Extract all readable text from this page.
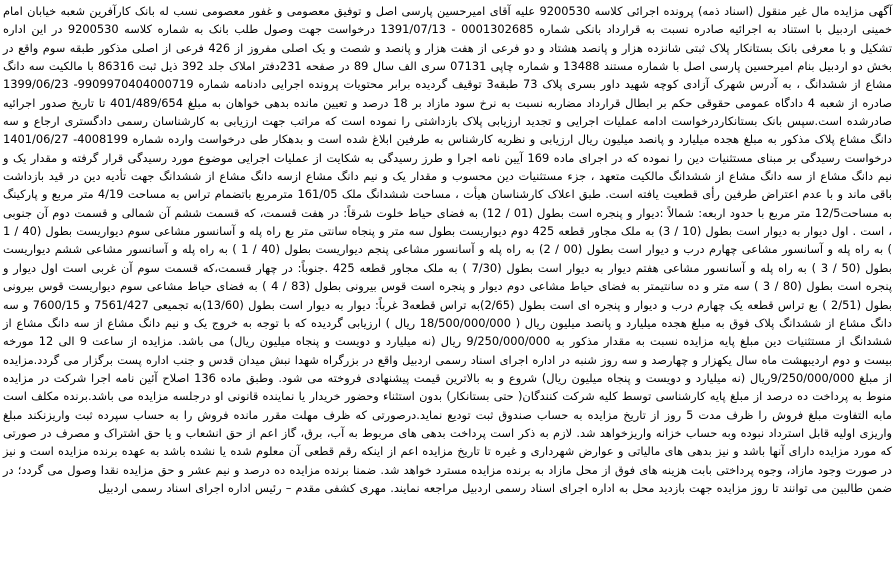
آگهی مزایده مال غیر منقول (اسناد ذمه) پرونده اجرائی کلاسه 9200530 علیه آقای امیرحسین پارسی اصل و توفیق معصومی و غفور معصومی نسب له بانک کارآفرین شعبه خیابان امام خمینی اردبیل با استناد به اجرائیه صادره نسبت به قرارداد بانکی شماره 0001302685 - 1391/07/13 درخواست جهت وصول طلب بانک به شماره کلاسه 9200530 در این اداره تشکیل و با معرفی بانک بستانکار پلاک ثبتی شانزده هزار و پانصد هشتاد و دو فرعی از هفت هزار و پانصد و شصت و یک اصلی مفروز از 426 فرعی از اصلی مذکور طبقه سوم واقع در بخش دو اردبیل بنام امیرحسین پارسی اصل با شماره مستند 13488 و شماره چاپی 07131 سری الف سال 89 در صفحه 231دفتر املاک جلد 392 ذیل ثبت 86316 با مالکیت سه دانگ مشاع از ششدانگ ، به آدرس شهرک آزادی کوچه شهید داور بسری پلاک 73 طبقه3 توقیف گردیده برابر محتویات پرونده اجرایی دادنامه شماره 9909970404000719- 1399/06/23 صادره از شعبه 4 دادگاه عمومی حقوقی حکم بر ابطال قرارداد مضاربه نسبت به نرخ سود مازاد بر 18 درصد و تعیین مانده بدهی خواهان به مبلغ 401/489/654 تا تاریخ صدور اجرائیه صادرشده است.سپس بانک بستانکاردرخواست ادامه عملیات اجرایی و تجدید ارزیابی پلاک بازداشتی را نموده است که مراتب جهت ارزیابی به کارشناسان رسمی دادگستری ارجاع و سه دانگ مشاع پلاک مذکور به مبلغ هجده میلیارد و پانصد میلیون ریال ارزیابی و نظریه کارشناس به طرفین ابلاغ شده است و بدهکار طی درخواست وارده شماره 4008199- 1401/06/27 درخواست رسیدگی بر مبنای مستثنیات دین را نموده که در اجرای ماده 169 آیین نامه اجرا و طرز رسیدگی به شکایت از عملیات اجرایی موضوع مورد رسیدگی قرار گرفته و مقدار یک و نیم دانگ مشاع از سه دانگ مشاع از ششدانگ مالکیت متعهد ، جزء مستثنیات دین محسوب و مقدار یک و نیم دانگ مشاع ازسه دانگ مشاع از ششدانگ جهت تأدیه دین در قید بازداشت باقی ماند و با عدم اعتراض طرفین رأی قطعیت یافته است. طبق اعلاک کارشناسان هیأت ، مساحت ششدانگ ملک 161/05 مترمربع باتضمام تراس به مساحت 4/19 متر مربع و پارکینگ به مساحت12/5 متر مربع با حدود اربعه: شمالاً :دیوار و پنجره است بطول (01 / 12) به فضای حیاط خلوت شرقاً: در هفت قسمت، که قسمت ششم آن شمالی و قسمت دوم آن جنوبی ، است . اول دیوار به دیوار است بطول (10 / 3) به ملک مجاور قطعه 425 دوم دیواریست بطول سه متر و پنجاه سانتی متر بع راه پله و آسانسور مشاعی سوم دیواریست بطول (40 / 1 ) به راه پله و آسانسور مشاعی چهارم درب و دیوار است بطول (00 / 2) به راه پله و آسانسور مشاعی پنجم دیواریست بطول (40 / 1 ) به راه پله و آسانسور مشاعی ششم دیواریست بطول (50 / 3 ) به راه پله و آسانسور مشاعی هفتم دیوار به دیوار است بطول (7/30 ) به ملک مجاور قطعه 425 .جنوباً: در چهار قسمت،که قسمت سوم آن غربی است اول دیوار و پنجره است بطول (80 / 3 ) سه متر و ده سانتیمتر به فضای حیاط مشاعی دوم دیوار و پنجره است قوس بیرونی بطول (83 / 4 ) به فضای حیاط مشاعی سوم دیواریست قوس بیرونی بطول (2/51 ) بع تراس قطعه یک چهارم درب و دیوار و پنجره ای است بطول (2/65)به تراس قطعه3 غرباً: دیوار به دیوار است بطول (13/60)به تجمیعی 7561/427 و 7600/15 و سه دانگ مشاع از ششدانگ پلاک فوق به مبلغ هجده میلیارد و پانصد میلیون ریال ( 18/500/000/000 ریال ) ارزیابی گردیده که با توجه به خروج یک و نیم دانگ مشاع از سه دانگ مشاع از ششدانگ از مستثنیات دین مبلغ پایه مزایده نسبت به مقدار مذکور به 9/250/000/000 ریال (نه میلیارد و دویست و پنجاه میلیون ریال) می باشد. مزایده از ساعت 9 الی 12 مورخه بیست و دوم اردیبهشت ماه سال یکهزار و چهارصد و سه روز شنبه در اداره اجرای اسناد رسمی اردبیل واقع در بزرگراه شهدا نبش میدان قدس و جنب اداره پست برگزار می گردد.مزایده از مبلغ 9/250/000/000ریال (نه میلیارد و دویست و پنجاه میلیون ریال) شروع و به بالاترین قیمت پیشنهادی فروخته می شود. وطبق ماده 136 اصلاح آئین نامه اجرا شرکت در مزایده منوط به پرداخت ده درصد از مبلغ پایه کارشناسی توسط کلیه شرکت کنندگان( حتی بستانکار) بدون استثناء وحضور خریدار یا نماینده قانونی او درجلسه مزایده می باشد.برنده مکلف است مابه التفاوت مبلغ فروش را ظرف مدت 5 روز از تاریخ مزایده به حساب صندوق ثبت تودیع نماید.درصورتی که ظرف مهلت مقرر مانده فروش را به حساب سپرده ثبت واریزنکند مبلغ واریزی اولیه قابل استرداد نبوده وبه حساب خزانه واریزخواهد شد. لازم به ذکر است پرداخت بدهی های مربوط به آب، برق، گاز اعم از حق انشعاب و یا حق اشتراک و مصرف در صورتی که مورد مزایده دارای آنها باشد و نیز بدهی های مالیاتی و عوارض شهرداری و غیره تا تاریخ مزایده اعم از اینکه رقم قطعی آن معلوم شده یا نشده باشد به عهده برنده مزایده است و نیز در صورت وجود مازاد، وجوه پرداختی بابت هزینه های فوق از محل مازاد به برنده مزایده مسترد خواهد شد. ضمنا برنده مزایده ده درصد و نیم عشر و حق مزایده نقدا وصول می گردد؛ در ضمن طالبین می توانند تا روز مزایده جهت بازدید محل به اداره اجرای اسناد رسمی اردبیل مراجعه نمایند. مهری کشفی مقدم – رئیس اداره اجرای اسناد رسمی اردبیل
